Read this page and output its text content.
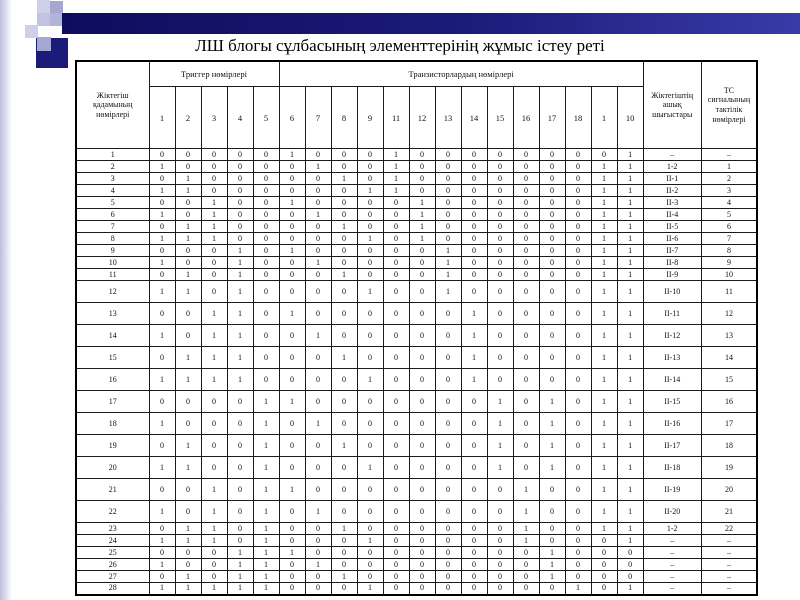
ЛШ блогы сұлбасының элементтерінің жұмыс істеу реті
Жіктегіш қадамының нөмірлері	Триггер нөмірлері					Транзисторлардың нөмірлері														Жіктегіштің ашық шығыстары	ТС сигналының тактілік нөмірлері
	1	2	3	4	5	6	7	8	9	11	12	13	14	15	16	17	18	1	10		
1	0	0	0	0	0	1	0	0	0	1	0	0	0	0	0	0	0	0	1	–	–
2	1	0	0	0	0	0	1	0	0	1	0	0	0	0	0	0	0	1	1	1-2	1
3	0	1	0	0	0	0	0	1	0	1	0	0	0	0	0	0	0	1	1	II-1	2
4	1	1	0	0	0	0	0	0	1	1	0	0	0	0	0	0	0	1	1	II-2	3
5	0	0	1	0	0	1	0	0	0	0	1	0	0	0	0	0	0	1	1	II-3	4
6	1	0	1	0	0	0	1	0	0	0	1	0	0	0	0	0	0	1	1	II-4	5
7	0	1	1	0	0	0	0	1	0	0	1	0	0	0	0	0	0	1	1	II-5	6
8	1	1	1	0	0	0	0	0	1	0	1	0	0	0	0	0	0	1	1	II-6	7
9	0	0	0	1	0	1	0	0	0	0	0	1	0	0	0	0	0	1	1	II-7	8
10	1	0	0	1	0	0	1	0	0	0	0	1	0	0	0	0	0	1	1	II-8	9
11	0	1	0	1	0	0	0	1	0	0	0	1	0	0	0	0	0	1	1	II-9	10
12	1	1	0	1	0	0	0	0	1	0	0	1	0	0	0	0	0	1	1	II-10	11
13	0	0	1	1	0	1	0	0	0	0	0	0	1	0	0	0	0	1	1	II-11	12
14	1	0	1	1	0	0	1	0	0	0	0	0	1	0	0	0	0	1	1	II-12	13
15	0	1	1	1	0	0	0	1	0	0	0	0	1	0	0	0	0	1	1	II-13	14
16	1	1	1	1	0	0	0	0	1	0	0	0	1	0	0	0	0	1	1	II-14	15
17	0	0	0	0	1	1	0	0	0	0	0	0	0	1	0	1	0	1	1	II-15	16
18	1	0	0	0	1	0	1	0	0	0	0	0	0	1	0	1	0	1	1	II-16	17
19	0	1	0	0	1	0	0	1	0	0	0	0	0	1	0	1	0	1	1	II-17	18
20	1	1	0	0	1	0	0	0	1	0	0	0	0	1	0	1	0	1	1	II-18	19
21	0	0	1	0	1	1	0	0	0	0	0	0	0	0	1	0	0	1	1	II-19	20
22	1	0	1	0	1	0	1	0	0	0	0	0	0	0	1	0	0	1	1	II-20	21
23	0	1	1	0	1	0	0	1	0	0	0	0	0	0	1	0	0	1	1	1-2	22
24	1	1	1	0	1	0	0	0	1	0	0	0	0	0	1	0	0	0	1	–	–
25	0	0	0	1	1	1	0	0	0	0	0	0	0	0	0	1	0	0	0	–	–
26	1	0	0	1	1	0	1	0	0	0	0	0	0	0	0	1	0	0	0	–	–
27	0	1	0	1	1	0	0	1	0	0	0	0	0	0	0	1	0	0	0	–	–
28	1	1	1	1	1	0	0	0	1	0	0	0	0	0	0	0	1	0	1	–	–
